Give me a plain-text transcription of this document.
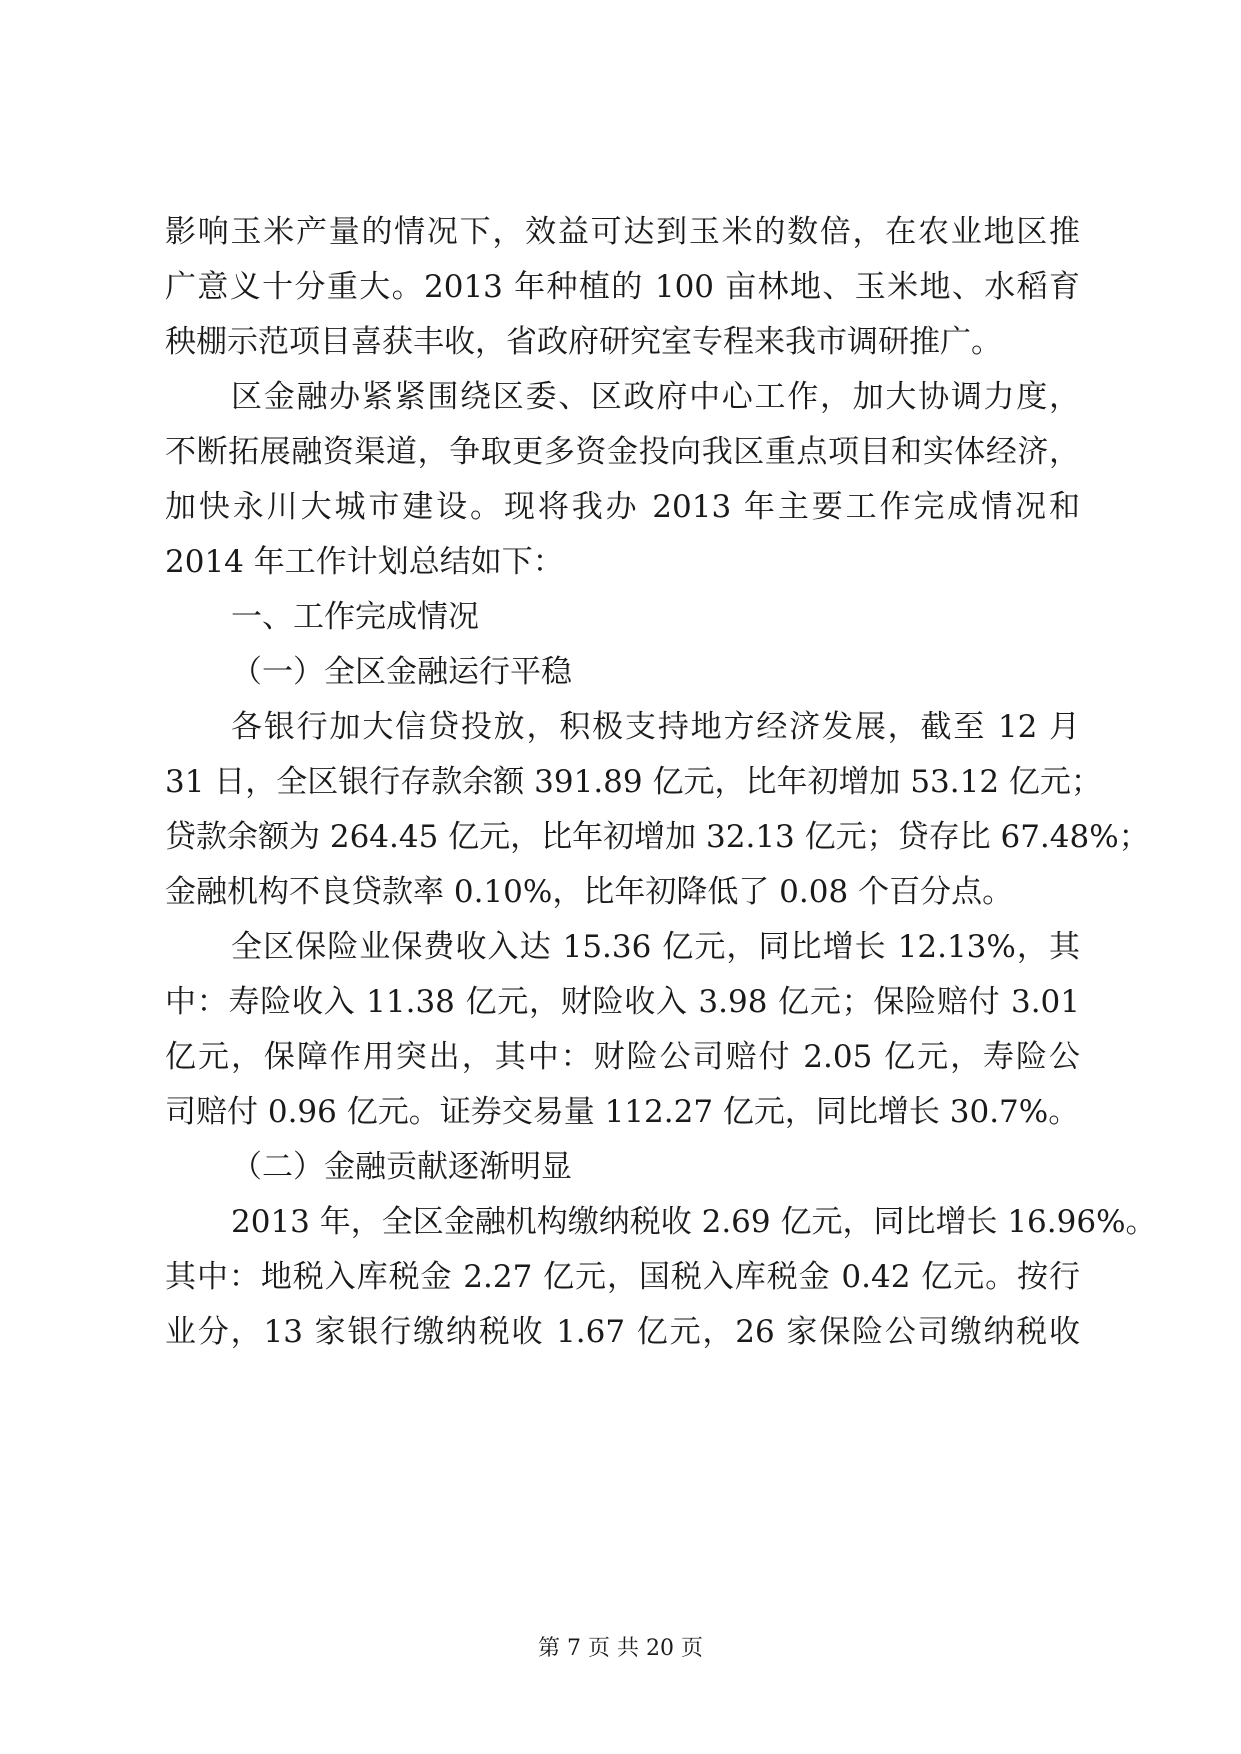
影响玉米产量的情况下，效益可达到玉米的数倍，在农业地区推
广意义十分重大。2013 年种植的 100 亩林地、玉米地、水稻育
秧棚示范项目喜获丰收，省政府研究室专程来我市调研推广。
区金融办紧紧围绕区委、区政府中心工作，加大协调力度，
不断拓展融资渠道，争取更多资金投向我区重点项目和实体经济，
加快永川大城市建设。现将我办 2013 年主要工作完成情况和
2014 年工作计划总结如下：
一、工作完成情况
（一）全区金融运行平稳
各银行加大信贷投放，积极支持地方经济发展，截至 12 月
31 日，全区银行存款余额 391.89 亿元，比年初增加 53.12 亿元；
贷款余额为 264.45 亿元，比年初增加 32.13 亿元；贷存比 67.48%；
金融机构不良贷款率 0.10%，比年初降低了 0.08 个百分点。
全区保险业保费收入达 15.36 亿元，同比增长 12.13%，其
中：寿险收入 11.38 亿元，财险收入 3.98 亿元；保险赔付 3.01
亿元，保障作用突出，其中：财险公司赔付 2.05 亿元，寿险公
司赔付 0.96 亿元。证券交易量 112.27 亿元，同比增长 30.7%。
（二）金融贡献逐渐明显
2013 年，全区金融机构缴纳税收 2.69 亿元，同比增长 16.96%。
其中：地税入库税金 2.27 亿元，国税入库税金 0.42 亿元。按行
业分，13 家银行缴纳税收 1.67 亿元，26 家保险公司缴纳税收
第 7 页 共 20 页
